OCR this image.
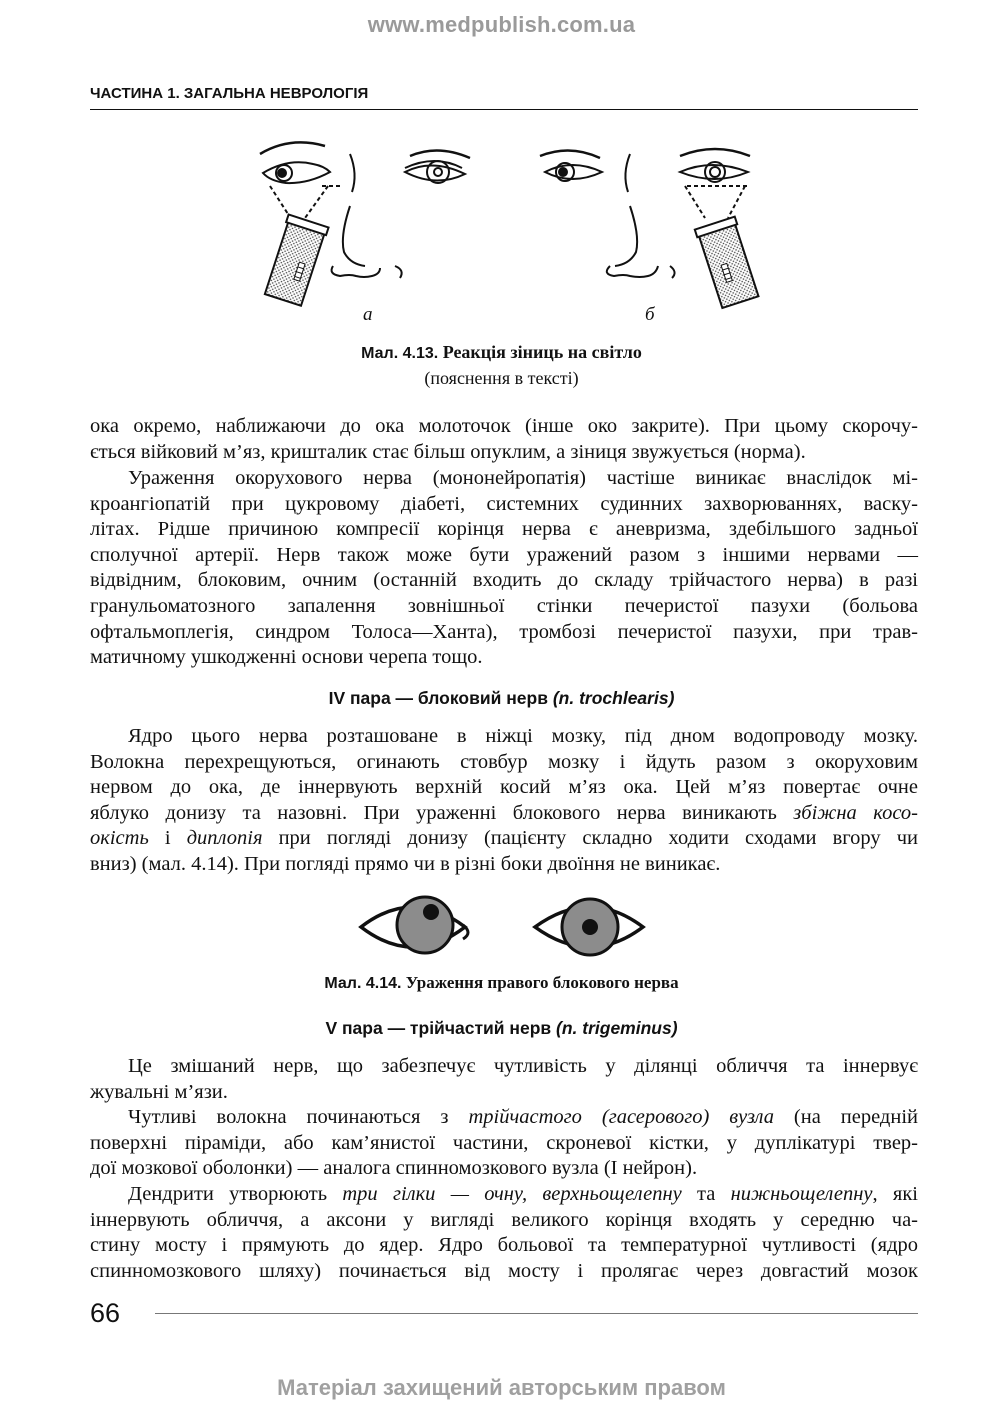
www.medpublish.com.ua
ЧАСТИНА 1. ЗАГАЛЬНА НЕВРОЛОГІЯ
а	б
Мал. 4.13. Реакція зіниць на світло
(пояснення в тексті)
ока окремо, наближаючи до ока молоточок (інше око закрите). При цьому скорочу-
ється війковий м’яз, кришталик стає більш опуклим, а зіниця звужується (норма).
Ураження окорухового нерва (мононейропатія) частіше виникає внаслідок мі-
кроангіопатій при цукровому діабеті, системних судинних захворюваннях, васку-
літах. Рідше причиною компресії корінця нерва є аневризма, здебільшого задньої
сполучної артерії. Нерв також може бути уражений разом з іншими нервами —
відвідним, блоковим, очним (останній входить до складу трійчастого нерва) в разі
гранульоматозного запалення зовнішньої стінки печеристої пазухи (больова
офтальмоплегія, синдром Толоса—Ханта), тромбозі печеристої пазухи, при трав-
матичному ушкодженні основи черепа тощо.
IV пара — блоковий нерв (n. trochlearis)
Ядро цього нерва розташоване в ніжці мозку, під дном водопроводу мозку.
Волокна перехрещуються, огинають стовбур мозку і йдуть разом з окоруховим
нервом до ока, де іннервують верхній косий м’яз ока. Цей м’яз повертає очне
яблуко донизу та назовні. При ураженні блокового нерва виникають збіжна косо-
окість і диплопія при погляді донизу (пацієнту складно ходити сходами вгору чи
вниз) (мал. 4.14). При погляді прямо чи в різні боки двоїння не виникає.
Мал. 4.14. Ураження правого блокового нерва
V пара — трійчастий нерв (n. trigeminus)
Це змішаний нерв, що забезпечує чутливість у ділянці обличчя та іннервує
жувальні м’язи.
Чутливі волокна починаються з трійчастого (гасерового) вузла (на передній
поверхні піраміди, або кам’янистої частини, скроневої кістки, у дуплікатурі твер-
дої мозкової оболонки) — аналога спинномозкового вузла (І нейрон).
Дендрити утворюють три гілки — очну, верхньощелепну та нижньощелепну, які
іннервують обличчя, а аксони у вигляді великого корінця входять у середню ча-
стину мосту і прямують до ядер. Ядро больової та температурної чутливості (ядро
спинномозкового шляху) починається від мосту і пролягає через довгастий мозок
66
Матеріал захищений авторським правом
